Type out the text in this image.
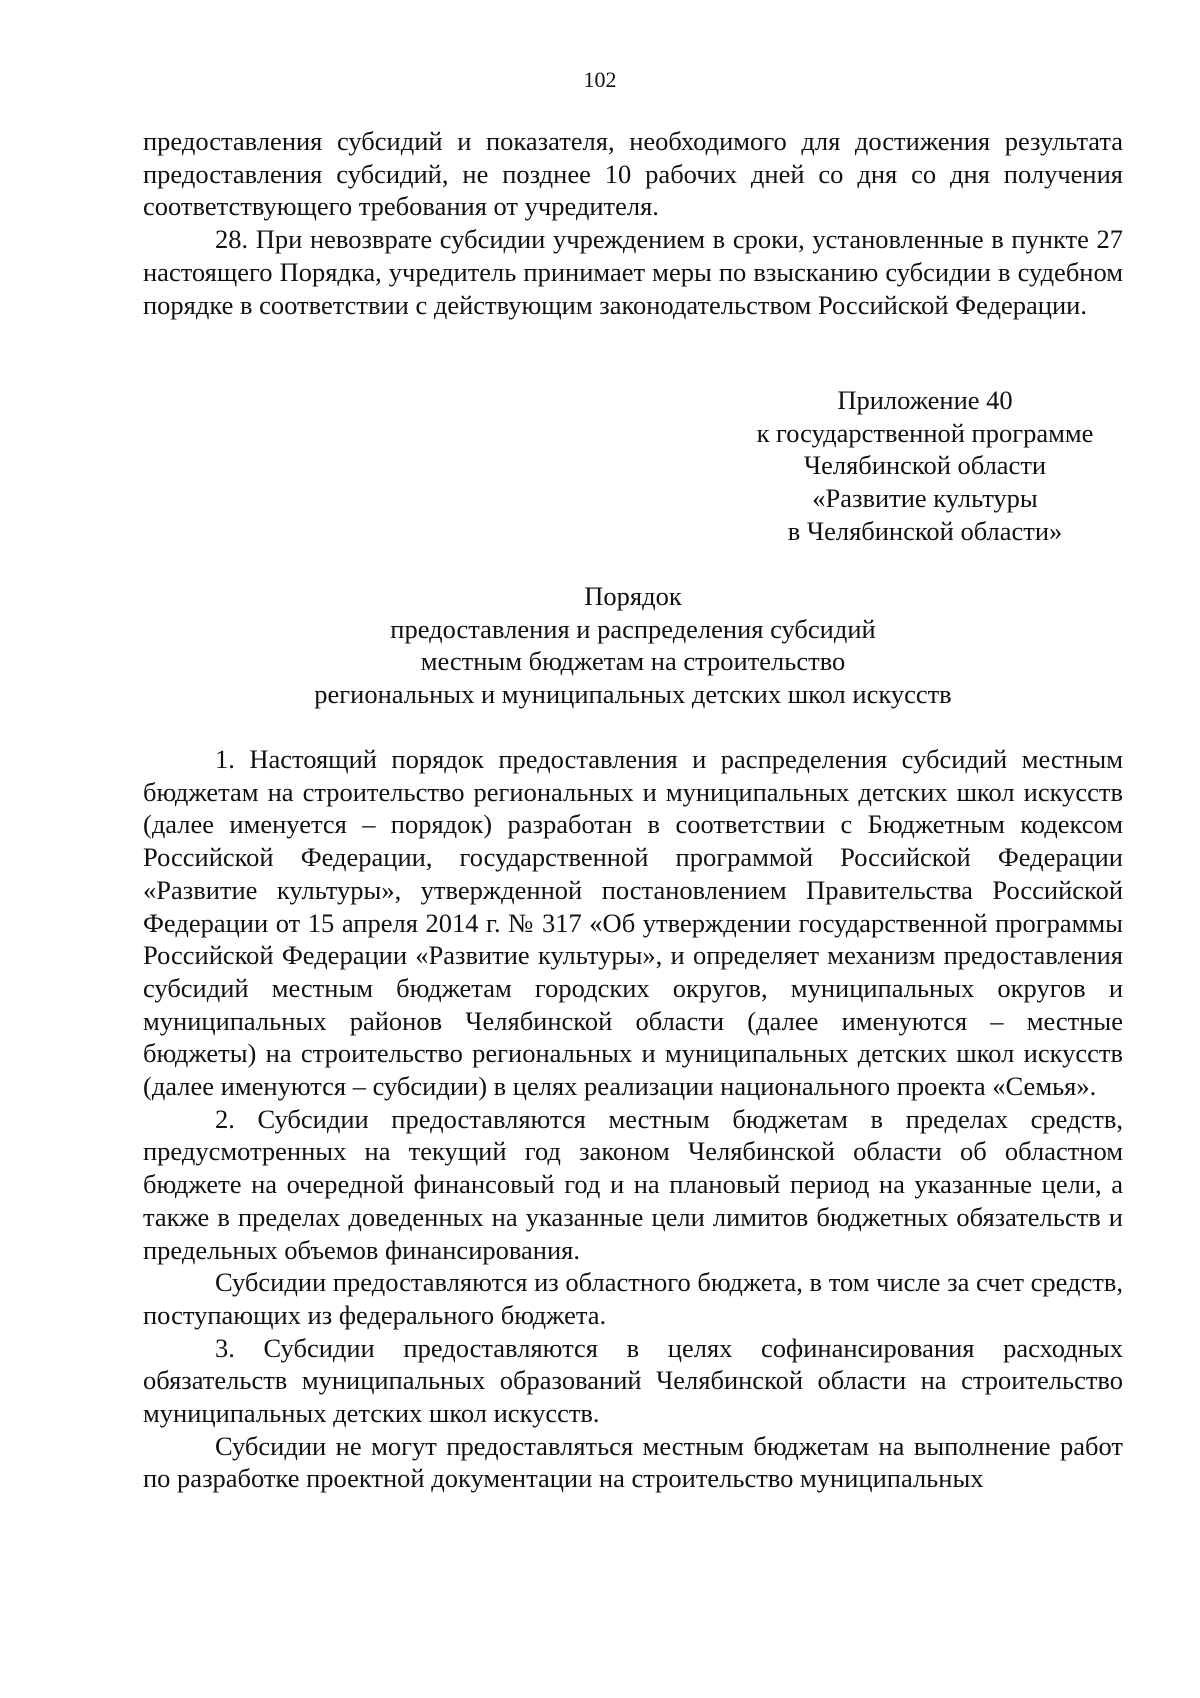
102

предоставления субсидий и показателя, необходимого для достижения результата предоставления субсидий, не позднее 10 рабочих дней со дня со дня получения соответствующего требования от учредителя.

28. При невозврате субсидии учреждением в сроки, установленные в пункте 27 настоящего Порядка, учредитель принимает меры по взысканию субсидии в судебном порядке в соответствии с действующим законодательством Российской Федерации.

Приложение 40
к государственной программе
Челябинской области
«Развитие культуры
в Челябинской области»
Порядок
предоставления и распределения субсидий
местным бюджетам на строительство
региональных и муниципальных детских школ искусств

1. Настоящий порядок предоставления и распределения субсидий местным бюджетам на строительство региональных и муниципальных детских школ искусств (далее именуется – порядок) разработан в соответствии с Бюджетным кодексом Российской Федерации, государственной программой Российской Федерации «Развитие культуры», утвержденной постановлением Правительства Российской Федерации от 15 апреля 2014 г. № 317 «Об утверждении государственной программы Российской Федерации «Развитие культуры», и определяет механизм предоставления субсидий местным бюджетам городских округов, муниципальных округов и муниципальных районов Челябинской области (далее именуются – местные бюджеты) на строительство региональных и муниципальных детских школ искусств (далее именуются – субсидии) в целях реализации национального проекта «Семья».

2. Субсидии предоставляются местным бюджетам в пределах средств, предусмотренных на текущий год законом Челябинской области об областном бюджете на очередной финансовый год и на плановый период на указанные цели, а также в пределах доведенных на указанные цели лимитов бюджетных обязательств и предельных объемов финансирования.

Субсидии предоставляются из областного бюджета, в том числе за счет средств, поступающих из федерального бюджета.

3. Субсидии предоставляются в целях софинансирования расходных обязательств муниципальных образований Челябинской области на строительство муниципальных детских школ искусств.

Субсидии не могут предоставляться местным бюджетам на выполнение работ по разработке проектной документации на строительство муниципальных
